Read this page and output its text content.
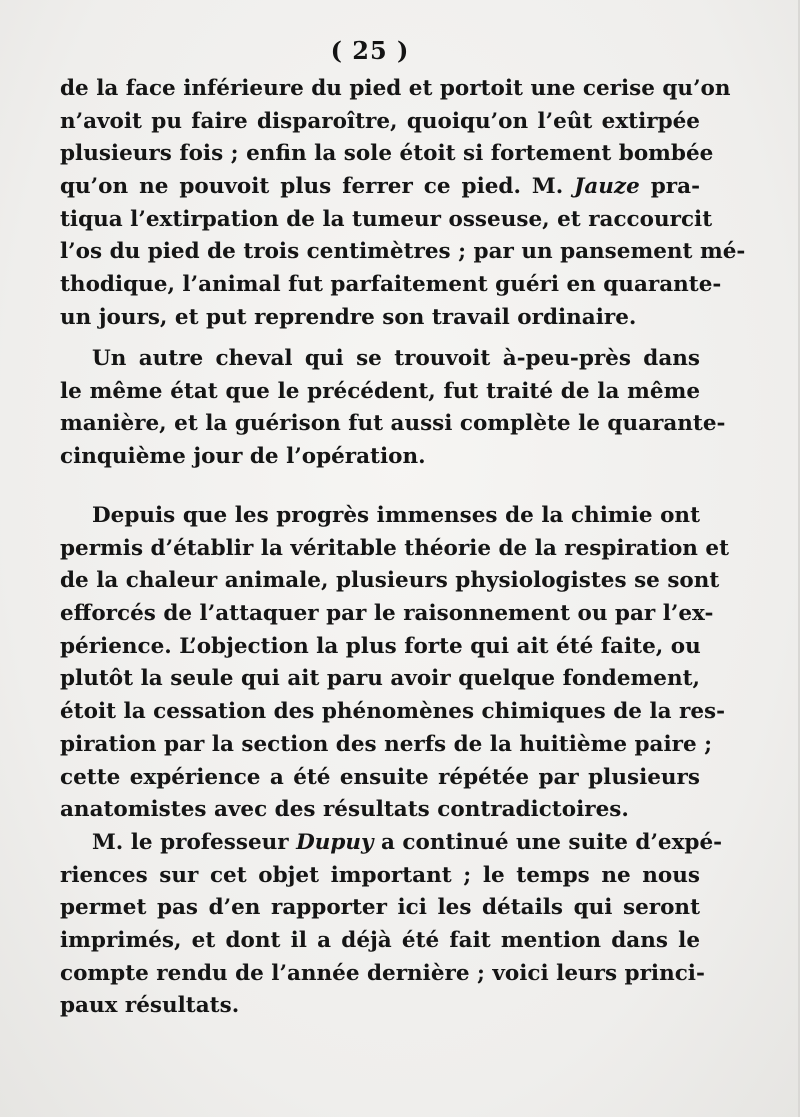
( 25 )
de la face inférieure du pied et portoit une cerise qu’on
n’avoit pu faire disparoître, quoiqu’on l’eût extirpée
plusieurs fois ; enfin la sole étoit si fortement bombée
qu’on ne pouvoit plus ferrer ce pied. M. Jauze pra-
tiqua l’extirpation de la tumeur osseuse, et raccourcit
l’os du pied de trois centimètres ; par un pansement mé-
thodique, l’animal fut parfaitement guéri en quarante-
un jours, et put reprendre son travail ordinaire.
Un autre cheval qui se trouvoit à-peu-près dans
le même état que le précédent, fut traité de la même
manière, et la guérison fut aussi complète le quarante-
cinquième jour de l’opération.
Depuis que les progrès immenses de la chimie ont
permis d’établir la véritable théorie de la respiration et
de la chaleur animale, plusieurs physiologistes se sont
efforcés de l’attaquer par le raisonnement ou par l’ex-
périence. L’objection la plus forte qui ait été faite, ou
plutôt la seule qui ait paru avoir quelque fondement,
étoit la cessation des phénomènes chimiques de la res-
piration par la section des nerfs de la huitième paire ;
cette expérience a été ensuite répétée par plusieurs
anatomistes avec des résultats contradictoires.
M. le professeur Dupuy a continué une suite d’expé-
riences sur cet objet important ; le temps ne nous
permet pas d’en rapporter ici les détails qui seront
imprimés, et dont il a déjà été fait mention dans le
compte rendu de l’année dernière ; voici leurs princi-
paux résultats.
